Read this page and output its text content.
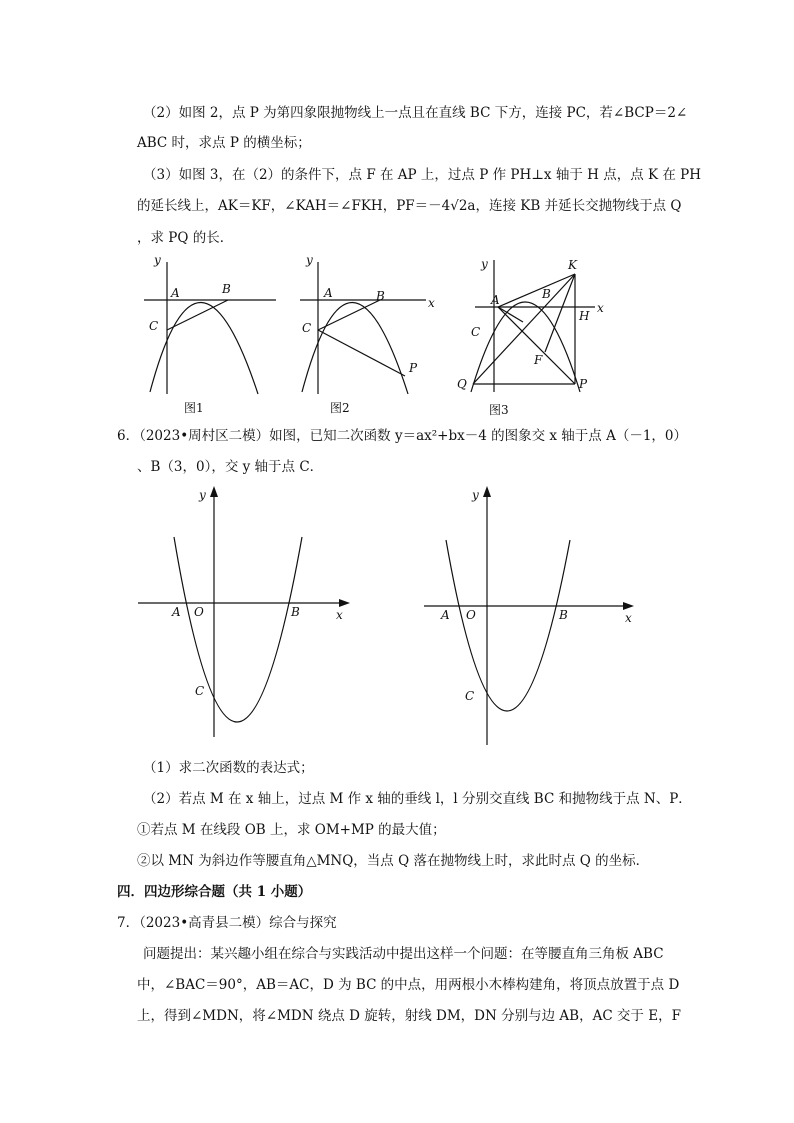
（2）如图 2，点 P 为第四象限抛物线上一点且在直线 BC 下方，连接 PC，若∠BCP＝2∠
ABC 时，求点 P 的横坐标；
（3）如图 3，在（2）的条件下，点 F 在 AP 上，过点 P 作 PH⊥x 轴于 H 点，点 K 在 PH
的延长线上，AK＝KF，∠KAH＝∠FKH，PF＝－4√2a，连接 KB 并延长交抛物线于点 Q
，求 PQ 的长．
y
A	B
C
图1
y
A	B
C
x
P
图2
y
A	B
C
x
P
K
H
F
Q
图3
6．（2023•周村区二模）如图，已知二次函数 y＝ax²+bx－4 的图象交 x 轴于点 A（－1，0）
、B（3，0），交 y 轴于点 C．
y
A O	B
C
x
y
A O	B
C
x
（1）求二次函数的表达式；
（2）若点 M 在 x 轴上，过点 M 作 x 轴的垂线 l，l 分别交直线 BC 和抛物线于点 N、P．
①若点 M 在线段 OB 上，求 OM+MP 的最大值；
②以 MN 为斜边作等腰直角△MNQ，当点 Q 落在抛物线上时，求此时点 Q 的坐标．
四．四边形综合题（共 1 小题）
7．（2023•高青县二模）综合与探究
问题提出：某兴趣小组在综合与实践活动中提出这样一个问题：在等腰直角三角板 ABC
中，∠BAC＝90°，AB＝AC，D 为 BC 的中点，用两根小木棒构建角，将顶点放置于点 D
上，得到∠MDN，将∠MDN 绕点 D 旋转，射线 DM，DN 分别与边 AB，AC 交于 E，F
